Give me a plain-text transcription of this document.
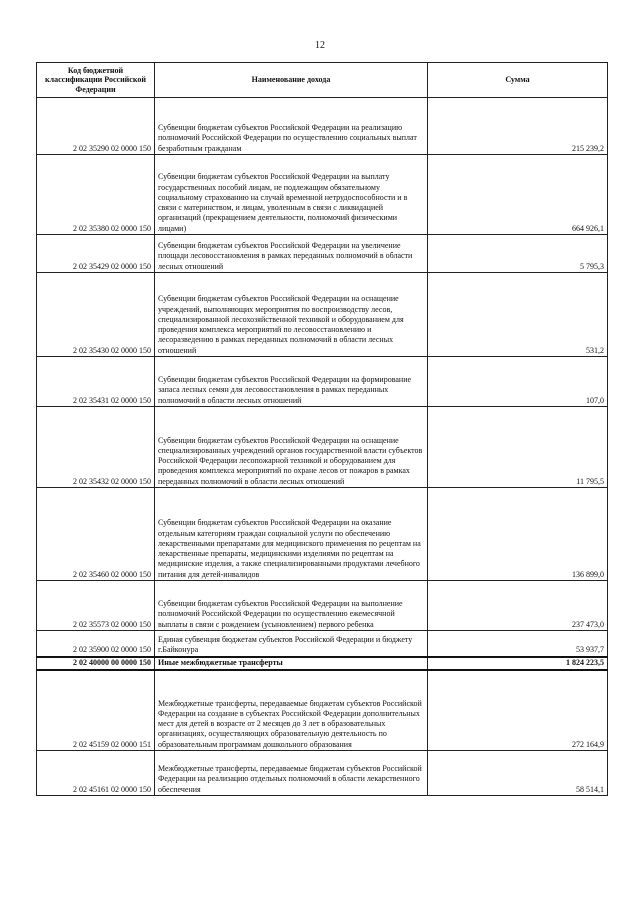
12
Код бюджетной классификации Российской Федерации	Наименование дохода	Сумма
2 02 35290 02 0000 150	Субвенции бюджетам субъектов Российской Федерации на реализацию полномочий Российской Федерации по осуществлению социальных выплат безработным гражданам	215 239,2
2 02 35380 02 0000 150	Субвенции бюджетам субъектов Российской Федерации на выплату государственных пособий лицам, не подлежащим обязательному социальному страхованию на случай временной нетрудоспособности и в связи с материнством, и лицам, уволенным в связи с ликвидацией организаций (прекращением деятельности, полномочий физическими лицами)	664 926,1
2 02 35429 02 0000 150	Субвенции бюджетам субъектов Российской Федерации на увеличение площади лесовосстановления в рамках переданных полномочий в области лесных отношений	5 795,3
2 02 35430 02 0000 150	Субвенции бюджетам субъектов Российской Федерации на оснащение учреждений, выполняющих мероприятия по воспроизводству лесов, специализированной лесохозяйственной техникой и оборудованием для проведения комплекса мероприятий по лесовосстановлению и лесоразведению в рамках переданных полномочий в области лесных отношений	531,2
2 02 35431 02 0000 150	Субвенции бюджетам субъектов Российской Федерации на формирование запаса лесных семян для лесовосстановления в рамках переданных полномочий в области лесных отношений	107,0
2 02 35432 02 0000 150	Субвенции бюджетам субъектов Российской Федерации на оснащение специализированных учреждений органов государственной власти субъектов Российской Федерации лесопожарной техникой и оборудованием для проведения комплекса мероприятий по охране лесов от пожаров в рамках переданных полномочий в области лесных отношений	11 795,5
2 02 35460 02 0000 150	Субвенции бюджетам субъектов Российской Федерации на оказание отдельным категориям граждан социальной услуги по обеспечению лекарственными препаратами для медицинского применения по рецептам на лекарственные препараты, медицинскими изделиями по рецептам на медицинские изделия, а также специализированными продуктами лечебного питания для детей-инвалидов	136 899,0
2 02 35573 02 0000 150	Субвенции бюджетам субъектов Российской Федерации на выполнение полномочий Российской Федерации по осуществлению ежемесячной выплаты в связи с рождением (усыновлением) первого ребенка	237 473,0
2 02 35900 02 0000 150	Единая субвенция бюджетам субъектов Российской Федерации и бюджету г.Байконура	53 937,7
2 02 40000 00 0000 150	Иные межбюджетные трансферты	1 824 223,5
2 02 45159 02 0000 151	Межбюджетные трансферты, передаваемые бюджетам субъектов Российской Федерации на создание в субъектах Российской Федерации дополнительных мест для детей в возрасте от 2 месяцев до 3 лет в образовательных организациях, осуществляющих образовательную деятельность по образовательным программам дошкольного образования	272 164,9
2 02 45161 02 0000 150	Межбюджетные трансферты, передаваемые бюджетам субъектов Российской Федерации на реализацию отдельных полномочий в области лекарственного обеспечения	58 514,1
